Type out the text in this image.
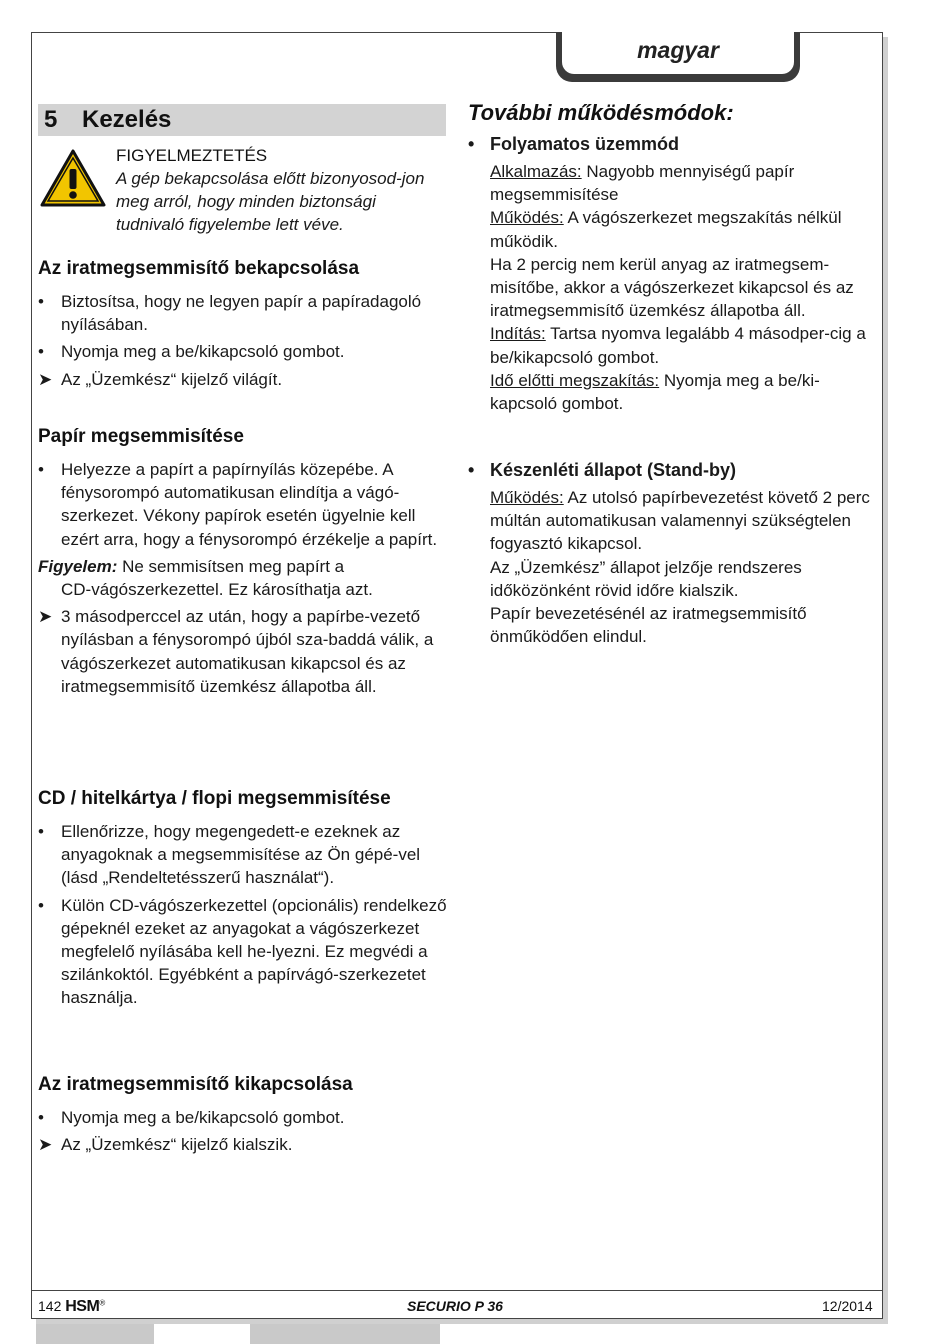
magyar
5 Kezelés
FIGYELMEZTETÉS
A gép bekapcsolása előtt bizonyosod-jon meg arról, hogy minden biztonsági tudnivaló figyelembe lett véve.
Az iratmegsemmisítő bekapcsolása
•	Biztosítsa, hogy ne legyen papír a papíradagoló nyílásában.
•	Nyomja meg a be/kikapcsoló gombot.
➤ Az „Üzemkész“ kijelző világít.
Papír megsemmisítése
•	Helyezze a papírt a papírnyílás közepébe. A fénysorompó automatikusan elindítja a vágó-szerkezet. Vékony papírok esetén ügyelnie kell ezért arra, hogy a fénysorompó érzékelje a papírt.
Figyelem: Ne semmisítsen meg papírt a
CD-vágószerkezettel. Ez károsíthatja azt.
➤ 3 másodperccel az után, hogy a papírbe-vezető nyílásban a fénysorompó újból sza-baddá válik, a vágószerkezet automatikusan kikapcsol és az iratmegsemmisítő üzemkész állapotba áll.
CD / hitelkártya / flopi megsemmisítése
•	Ellenőrizze, hogy megengedett-e ezeknek az anyagoknak a megsemmisítése az Ön gépé-vel (lásd „Rendeltetésszerű használat“).
•	Külön CD-vágószerkezettel (opcionális) rendelkező gépeknél ezeket az anyagokat a vágószerkezet megfelelő nyílásába kell he-lyezni. Ez megvédi a szilánkoktól. Egyébként a papírvágó-szerkezetet használja.
Az iratmegsemmisítő kikapcsolása
•	Nyomja meg a be/kikapcsoló gombot.
➤ Az „Üzemkész“ kijelző kialszik.
További működésmódok:
• Folyamatos üzemmód
Alkalmazás: Nagyobb mennyiségű papír megsemmisítése
Működés: A vágószerkezet megszakítás nélkül működik.
Ha 2 percig nem kerül anyag az iratmegsem-misítőbe, akkor a vágószerkezet kikapcsol és az iratmegsemmisítő üzemkész állapotba áll.
Indítás: Tartsa nyomva legalább 4 másodper-cig a be/kikapcsoló gombot.
Idő előtti megszakítás: Nyomja meg a be/ki-kapcsoló gombot.
• Készenléti állapot (Stand-by)
Működés: Az utolsó papírbevezetést követő 2 perc múltán automatikusan valamennyi szükségtelen fogyasztó kikapcsol.
Az „Üzemkész” állapot jelzője rendszeres időközönként rövid időre kialszik.
Papír bevezetésénél az iratmegsemmisítő önműködően elindul.
142 HSM®	SECURIO P 36	12/2014
